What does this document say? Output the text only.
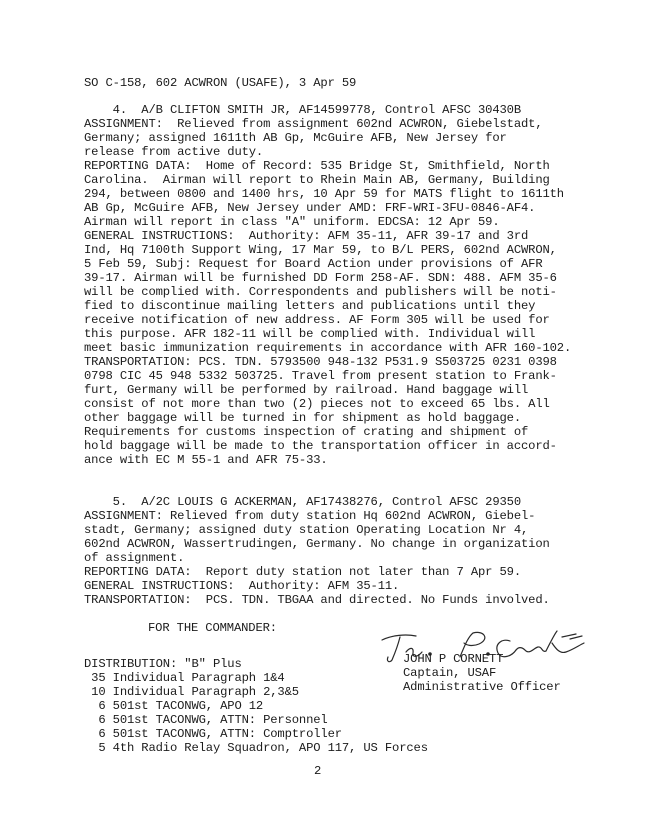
SO C-158, 602 ACWRON (USAFE), 3 Apr 59
4.  A/B CLIFTON SMITH JR, AF14599778, Control AFSC 30430B
ASSIGNMENT:  Relieved from assignment 602nd ACWRON, Giebelstadt,
Germany; assigned 1611th AB Gp, McGuire AFB, New Jersey for
release from active duty.
REPORTING DATA:  Home of Record: 535 Bridge St, Smithfield, North
Carolina.  Airman will report to Rhein Main AB, Germany, Building
294, between 0800 and 1400 hrs, 10 Apr 59 for MATS flight to 1611th
AB Gp, McGuire AFB, New Jersey under AMD: FRF-WRI-3FU-0846-AF4.
Airman will report in class "A" uniform. EDCSA: 12 Apr 59.
GENERAL INSTRUCTIONS:  Authority: AFM 35-11, AFR 39-17 and 3rd
Ind, Hq 7100th Support Wing, 17 Mar 59, to B/L PERS, 602nd ACWRON,
5 Feb 59, Subj: Request for Board Action under provisions of AFR
39-17. Airman will be furnished DD Form 258-AF. SDN: 488. AFM 35-6
will be complied with. Correspondents and publishers will be noti-
fied to discontinue mailing letters and publications until they
receive notification of new address. AF Form 305 will be used for
this purpose. AFR 182-11 will be complied with. Individual will
meet basic immunization requirements in accordance with AFR 160-102.
TRANSPORTATION: PCS. TDN. 5793500 948-132 P531.9 S503725 0231 0398
0798 CIC 45 948 5332 503725. Travel from present station to Frank-
furt, Germany will be performed by railroad. Hand baggage will
consist of not more than two (2) pieces not to exceed 65 lbs. All
other baggage will be turned in for shipment as hold baggage.
Requirements for customs inspection of crating and shipment of
hold baggage will be made to the transportation officer in accord-
ance with EC M 55-1 and AFR 75-33.
5.  A/2C LOUIS G ACKERMAN, AF17438276, Control AFSC 29350
ASSIGNMENT: Relieved from duty station Hq 602nd ACWRON, Giebel-
stadt, Germany; assigned duty station Operating Location Nr 4,
602nd ACWRON, Wassertrudingen, Germany. No change in organization
of assignment.
REPORTING DATA:  Report duty station not later than 7 Apr 59.
GENERAL INSTRUCTIONS:  Authority: AFM 35-11.
TRANSPORTATION:  PCS. TDN. TBGAA and directed. No Funds involved.
FOR THE COMMANDER:
JOHN P CORNETT
Captain, USAF
Administrative Officer
DISTRIBUTION: "B" Plus
35 Individual Paragraph 1&4
10 Individual Paragraph 2,3&5
6 501st TACONWG, APO 12
6 501st TACONWG, ATTN: Personnel
6 501st TACONWG, ATTN: Comptroller
5 4th Radio Relay Squadron, APO 117, US Forces
2
